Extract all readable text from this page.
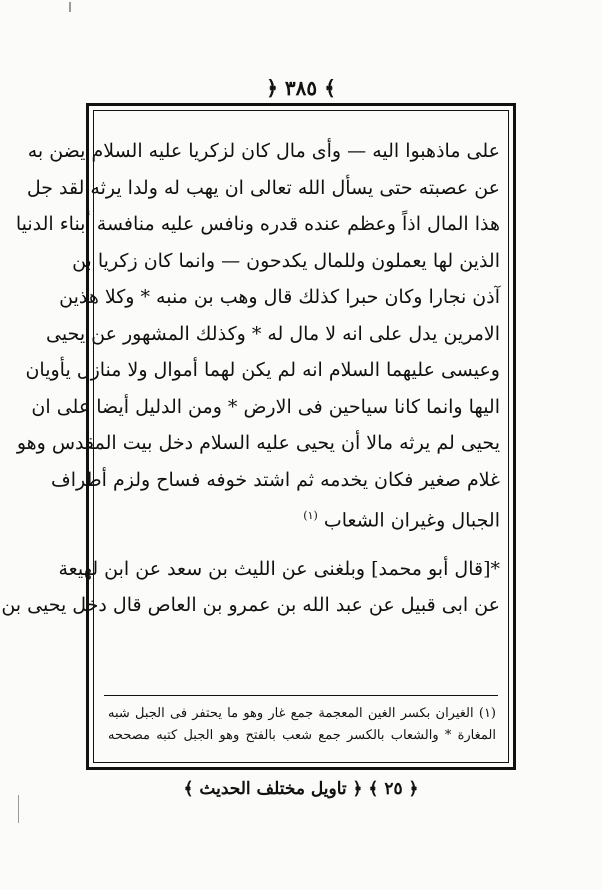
﴿ ٣٨٥ ﴾

على ماذهبوا اليه — وأى مال كان لزكريا عليه السلام يضن به
عن عصبته حتى يسأل الله تعالى ان يهب له ولدا يرثه لقد جل
هذا المال اذاً وعظم عنده قدره ونافس عليه منافسة أبناء الدنيا
الذين لها يعملون وللمال يكدحون — وانما كان زكريا بن
آذن نجارا وكان حبرا كذلك قال وهب بن منبه * وكلا هذين
الامرين يدل على انه لا مال له * وكذلك المشهور عن يحيى
وعيسى عليهما السلام انه لم يكن لهما أموال ولا منازل يأويان
اليها وانما كانا سياحين فى الارض * ومن الدليل أيضا على ان
يحيى لم يرثه مالا أن يحيى عليه السلام دخل بيت المقدس وهو
غلام صغير فكان يخدمه ثم اشتد خوفه فساح ولزم أطراف
الجبال وغيران الشعاب $^{(١)}$

*[قال أبو محمد] وبلغنى عن الليث بن سعد عن ابن لهيعة
عن ابى قبيل عن عبد الله بن عمرو بن العاص قال دخل يحيى بن

(١) الغيران بكسر الغين المعجمة جمع غار وهو ما يحتفر فى الجبل شبه
المغارة * والشعاب بالكسر جمع شعب بالفتح وهو الجبل كتبه مصححه
﴿ ٢٥ ﴾ ﴿ تاويل مختلف الحديث ﴾
